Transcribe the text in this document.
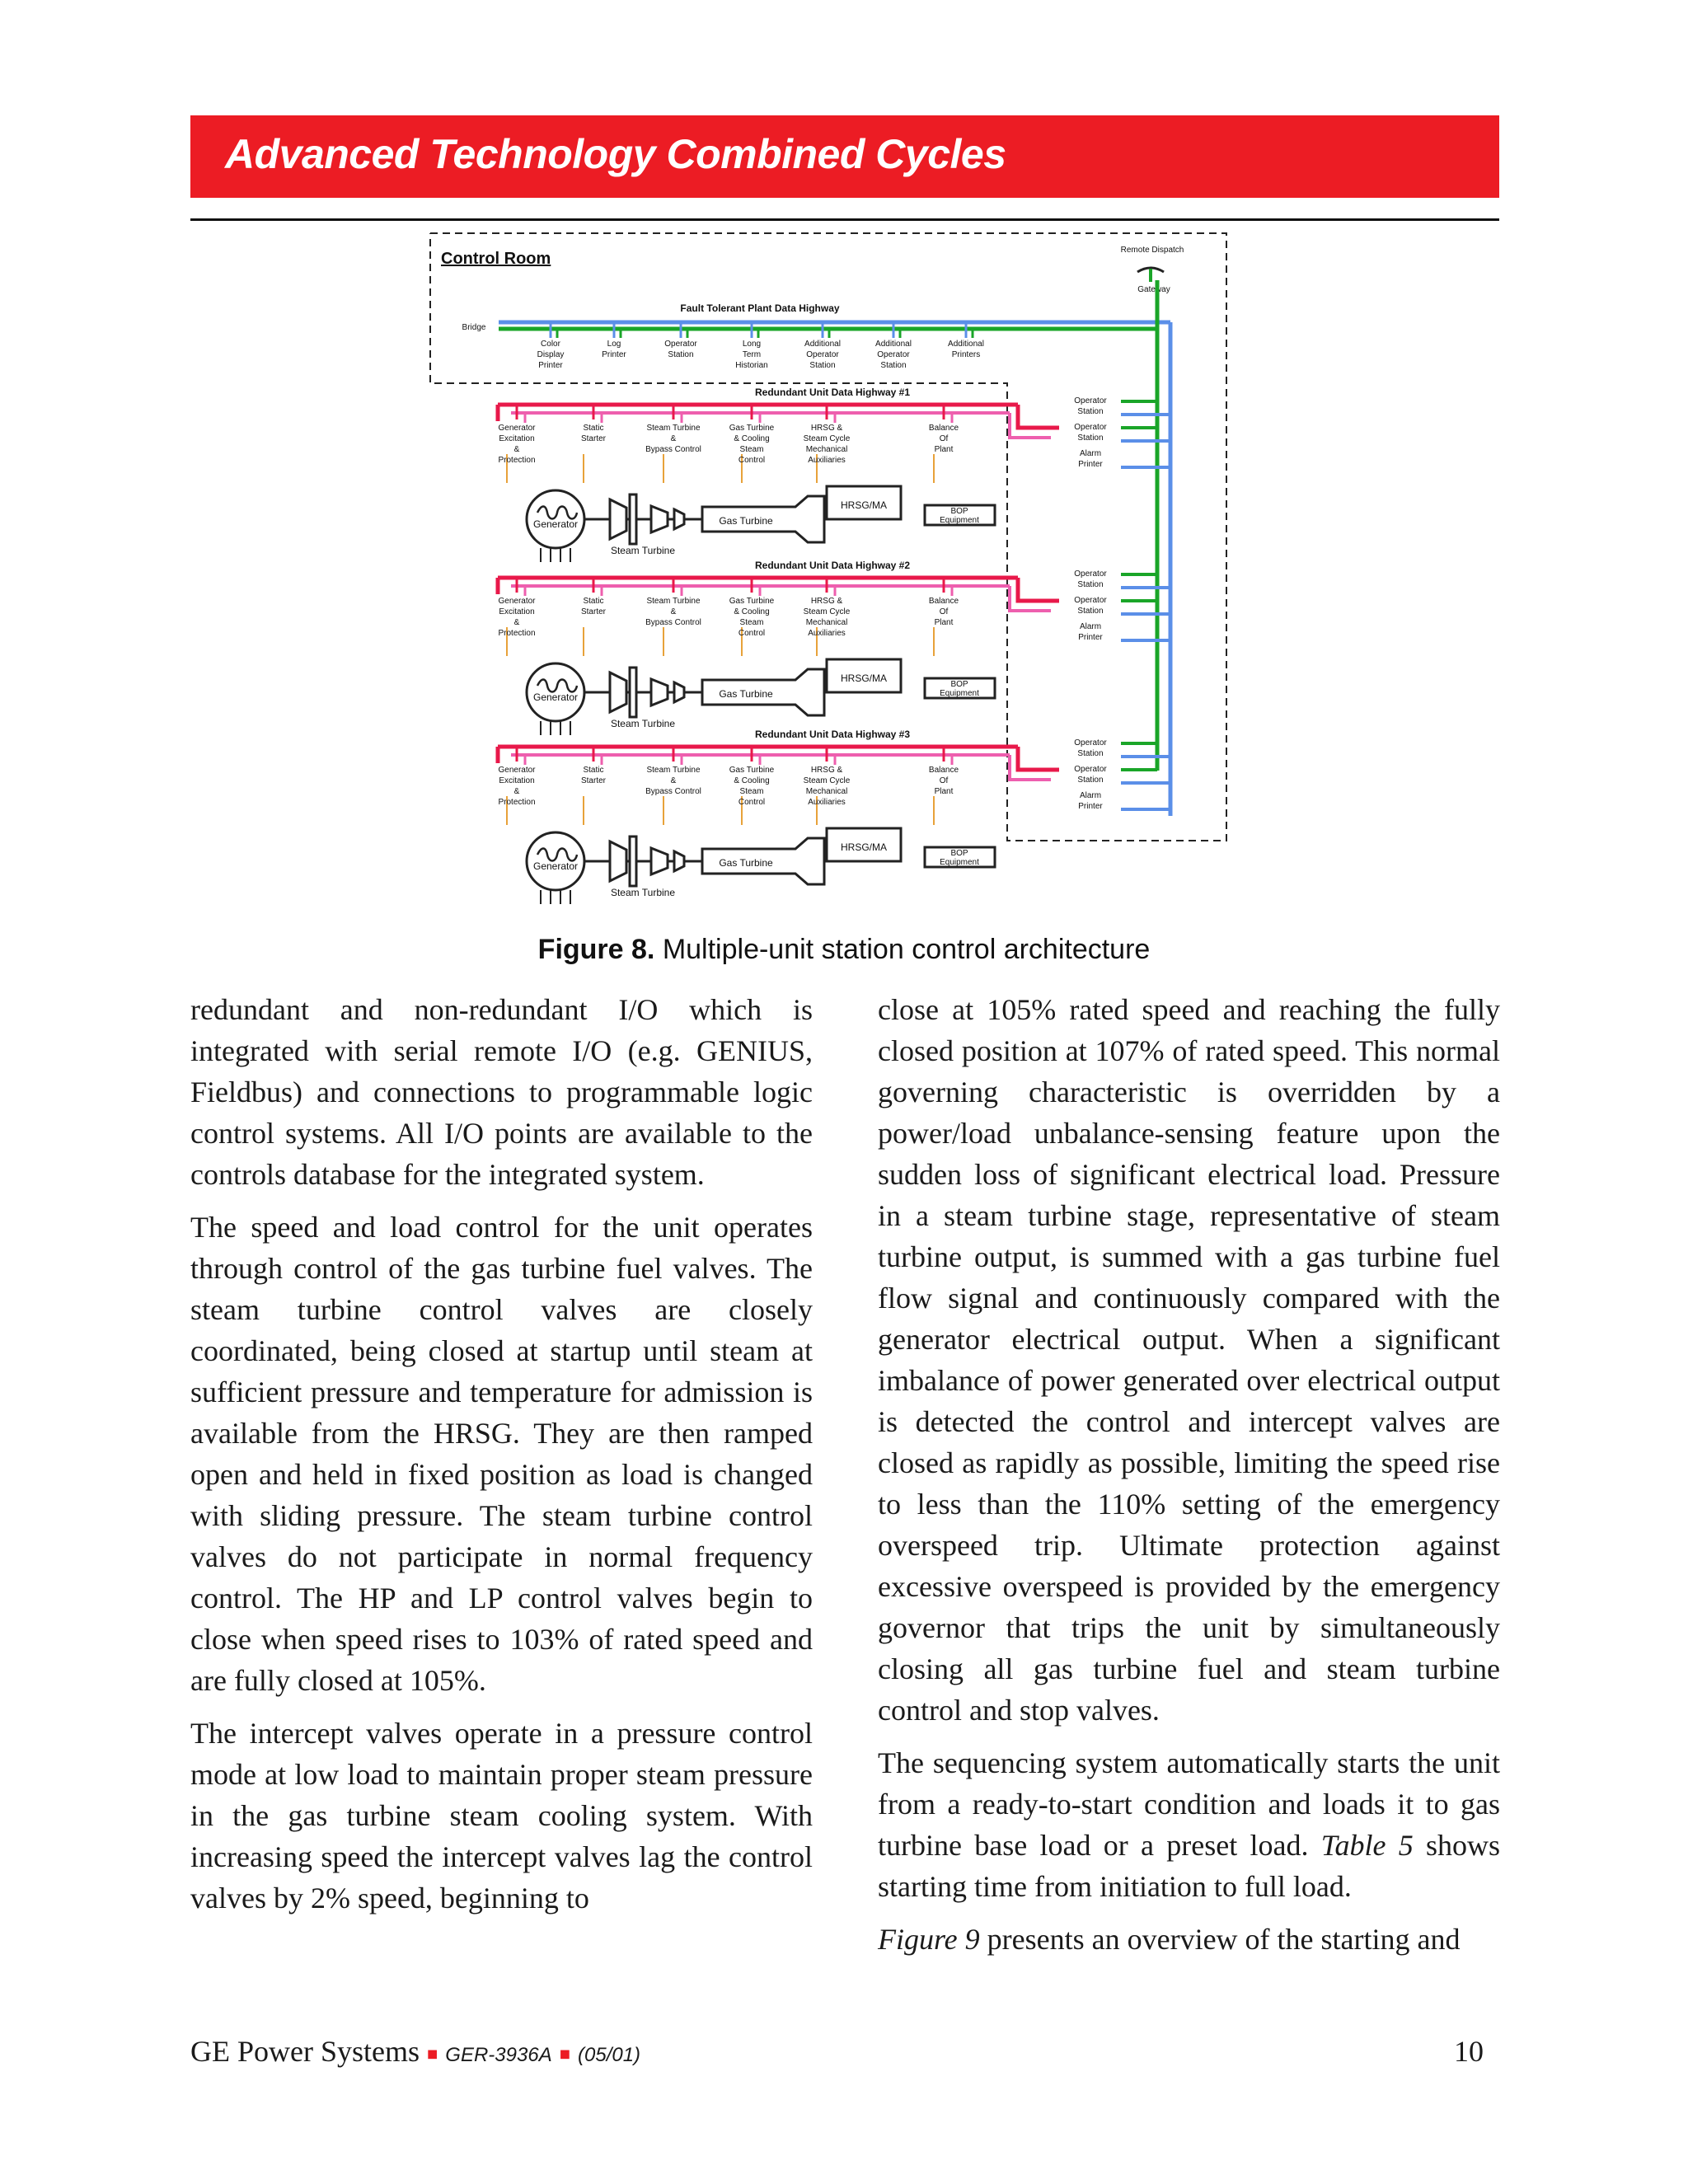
Advanced Technology Combined Cycles
Control Room	Remote Dispatch
Gateway
Fault Tolerant Plant Data Highway
Bridge
Color
Display
Printer
Log
Printer
Operator
Station
Long
Term
Historian
Additional
Operator
Station
Additional
Operator
Station
Additional
Printers
Redundant Unit Data Highway #1
Generator
Excitation
&
Protection
Static
Starter
Steam Turbine
&
Bypass Control
Gas Turbine
& Cooling
Steam
Control
HRSG &
Steam Cycle
Mechanical
Auxiliaries
Balance
Of
Plant
Operator
Station
Operator
Station
Alarm
Printer
Generator
Steam Turbine
Gas Turbine
HRSG/MA
BOP
Equipment
Redundant Unit Data Highway #2
Generator
Excitation
&
Protection
Static
Starter
Steam Turbine
&
Bypass Control
Gas Turbine
& Cooling
Steam
Control
HRSG &
Steam Cycle
Mechanical
Auxiliaries
Balance
Of
Plant
Operator
Station
Operator
Station
Alarm
Printer
Generator
Steam Turbine
Gas Turbine
HRSG/MA
BOP
Equipment
Redundant Unit Data Highway #3
Generator
Excitation
&
Protection
Static
Starter
Steam Turbine
&
Bypass Control
Gas Turbine
& Cooling
Steam
Control
HRSG &
Steam Cycle
Mechanical
Auxiliaries
Balance
Of
Plant
Operator
Station
Operator
Station
Alarm
Printer
Generator
Steam Turbine
Gas Turbine
HRSG/MA
BOP
Equipment
Figure 8. Multiple-unit station control architecture

redundant and non-redundant I/O which is integrated with serial remote I/O (e.g. GENIUS, Fieldbus) and connections to programmable logic control systems. All I/O points are available to the controls database for the integrated system.

The speed and load control for the unit operates through control of the gas turbine fuel valves. The steam turbine control valves are closely coordinated, being closed at startup until steam at sufficient pressure and temperature for admission is available from the HRSG. They are then ramped open and held in fixed position as load is changed with sliding pressure. The steam turbine control valves do not participate in normal frequency control. The HP and LP control valves begin to close when speed rises to 103% of rated speed and are fully closed at 105%.

The intercept valves operate in a pressure control mode at low load to maintain proper steam pressure in the gas turbine steam cooling system. With increasing speed the intercept valves lag the control valves by 2% speed, beginning to

close at 105% rated speed and reaching the fully closed position at 107% of rated speed. This normal governing characteristic is overridden by a power/load unbalance-sensing feature upon the sudden loss of significant electrical load. Pressure in a steam turbine stage, representative of steam turbine output, is summed with a gas turbine fuel flow signal and continuously compared with the generator electrical output. When a significant imbalance of power generated over electrical output is detected the control and intercept valves are closed as rapidly as possible, limiting the speed rise to less than the 110% setting of the emergency overspeed trip. Ultimate protection against excessive overspeed is provided by the emergency governor that trips the unit by simultaneously closing all gas turbine fuel and steam turbine control and stop valves.

The sequencing system automatically starts the unit from a ready-to-start condition and loads it to gas turbine base load or a preset load. Table 5 shows starting time from initiation to full load.

Figure 9 presents an overview of the starting and

GE Power Systems ■ GER-3936A ■ (05/01)	10
